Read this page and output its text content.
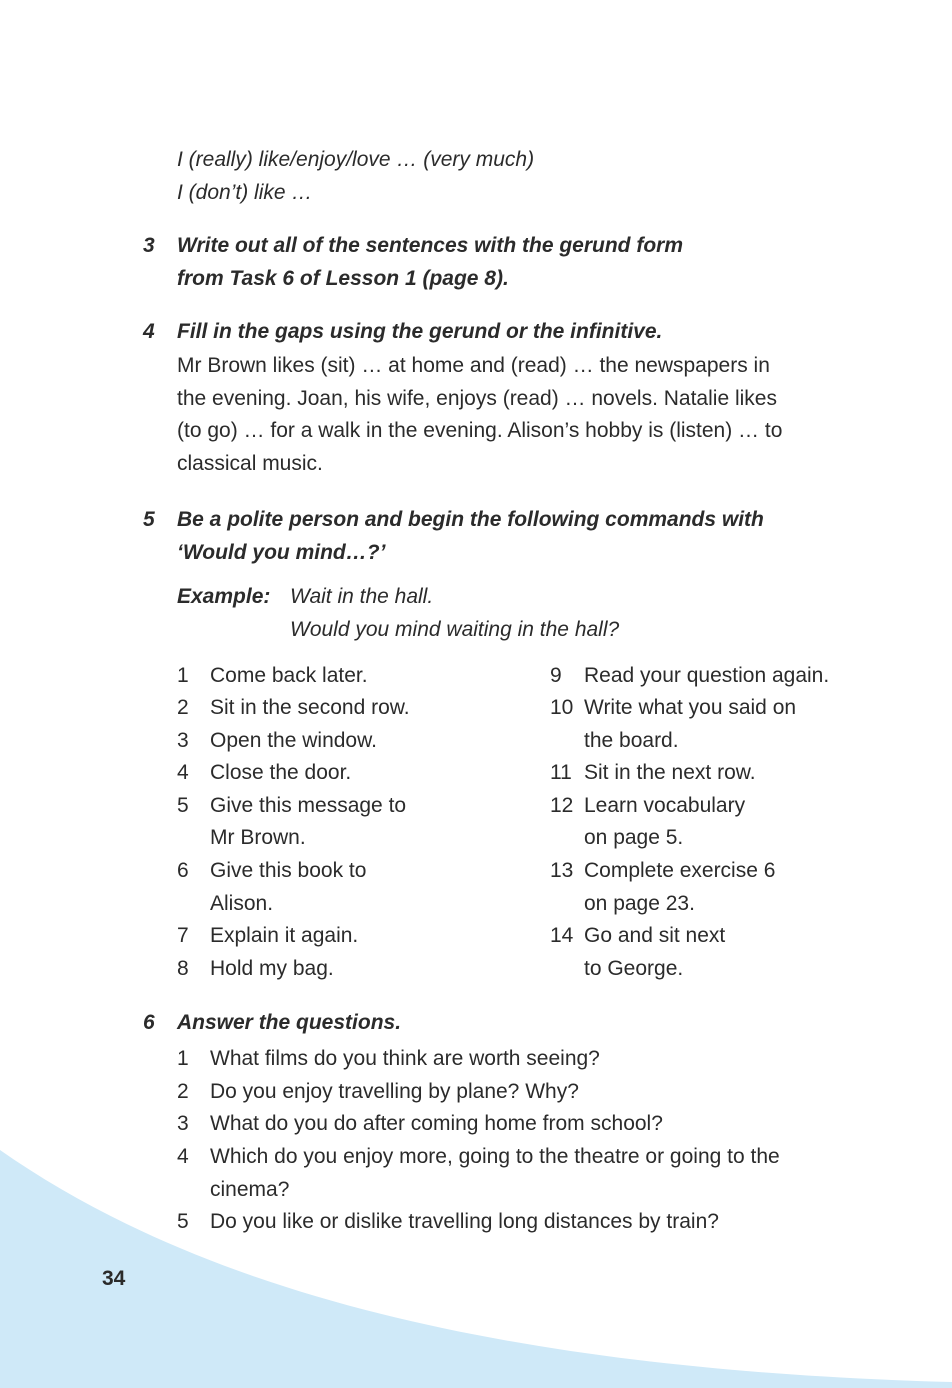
I (really) like/enjoy/love … (very much)
I (don’t) like …
3 Write out all of the sentences with the gerund form
from Task 6 of Lesson 1 (page 8).
4 Fill in the gaps using the gerund or the infinitive.
Mr Brown likes (sit) … at home and (read) … the newspapers in
the evening. Joan, his wife, enjoys (read) … novels. Natalie likes
(to go) … for a walk in the evening. Alison’s hobby is (listen) … to
classical music.
5 Be a polite person and begin the following commands with
‘Would you mind…?’
Example: Wait in the hall.
Would you mind waiting in the hall?
1 Come back later.
2 Sit in the second row.
3 Open the window.
4 Close the door.
5 Give this message to
Mr Brown.
6 Give this book to
Alison.
7 Explain it again.
8 Hold my bag.
9 Read your question again.
10 Write what you said on
the board.
11 Sit in the next row.
12 Learn vocabulary
on page 5.
13 Complete exercise 6
on page 23.
14 Go and sit next
to George.
6 Answer the questions.
1 What films do you think are worth seeing?
2 Do you enjoy travelling by plane? Why?
3 What do you do after coming home from school?
4 Which do you enjoy more, going to the theatre or going to the
cinema?
5 Do you like or dislike travelling long distances by train?
34
